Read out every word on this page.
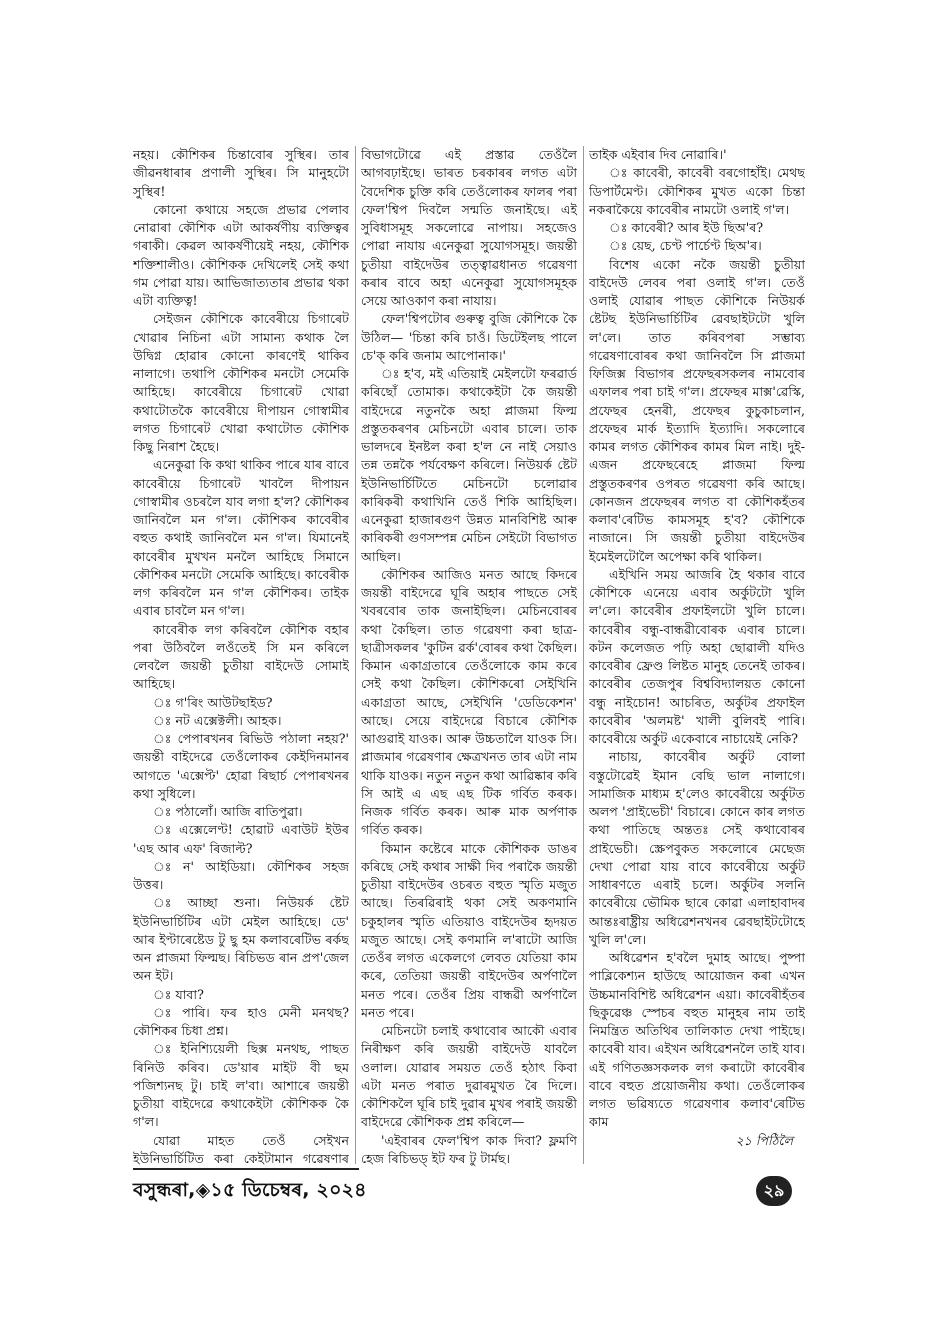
নহয়। কৌশিকৰ চিন্তাবোৰ সুস্থিৰ। তাৰ জীৱনধাৰাৰ প্ৰণালী সুস্থিৰ। সি মানুহটো সুস্থিৰ!

কোনো কথায়ে সহজে প্ৰভাৱ পেলাব নোৱাৰা কৌশিক এটা আকৰ্ষণীয় ব্যক্তিত্বৰ গৰাকী। কেৱল আকৰ্ষণীয়েই নহয়, কৌশিক শক্তিশালীও। কৌশিকক দেখিলেই সেই কথা গম পোৱা যায়। আভিজাত্যতাৰ প্ৰভাৱ থকা এটা ব্যক্তিত্ব!

সেইজন কৌশিকে কাবেৰীয়ে চিগাৰেট খোৱাৰ নিচিনা এটা সামান্য কথাক লৈ উদ্বিগ্ন হোৱাৰ কোনো কাৰণেই থাকিব নালাগে। তথাপি কৌশিকৰ মনটো সেমেকি আহিছে। কাবেৰীয়ে চিগাৰেট খোৱা কথাটোতকৈ কাবেৰীয়ে দীপায়ন গোস্বামীৰ লগত চিগাৰেট খোৱা কথাটোত কৌশিক কিছু নিৰাশ হৈছে।

এনেকুৱা কি কথা থাকিব পাৰে যাৰ বাবে কাবেৰীয়ে চিগাৰেট খাবলৈ দীপায়ন গোস্বামীৰ ওচৰলৈ যাব লগা হ'ল? কৌশিকৰ জানিবলৈ মন গ'ল। কৌশিকৰ কাবেৰীৰ বহুত কথাই জানিবলৈ মন গ'ল। যিমানেই কাবেৰীৰ মুখখন মনলৈ আহিছে সিমানে কৌশিকৰ মনটো সেমেকি আহিছে। কাবেৰীক লগ কৰিবলৈ মন গ'ল কৌশিকৰ। তাইক এবাৰ চাবলৈ মন গ'ল।

কাবেৰীক লগ কৰিবলৈ কৌশিক বহাৰ পৰা উঠিবলৈ লওঁতেই সি মন কৰিলে লেবলৈ জয়ন্তী চুতীয়া বাইদেউ সোমাই আহিছে।

ঃ গ'ৰিং আউটছাইড?

ঃ নট এক্সেক্টলী। আহক।

ঃ পেপাৰখনৰ ৰিভিউ পঠালা নহয়?' জয়ন্তী বাইদেৱে তেওঁলোকৰ কেইদিনমানৰ আগতে 'এক্সেপ্ট' হোৱা ৰিছাৰ্চ পেপাৰখনৰ কথা সুধিলে।

ঃ পঠালোঁ। আজি ৰাতিপুৱা।

ঃ এক্সেলেণ্ট! হোৱাট এবাউট ইউৰ 'এছ আৰ এফ' ৰিজাল্ট?

ঃ ন' আইডিয়া। কৌশিকৰ সহজ উত্তৰ।

ঃ আচ্ছা শুনা। নিউয়ৰ্ক ষ্টেট ইউনিভাৰ্চিটিৰ এটা মেইল আহিছে। ডে' আৰ ইণ্টাৰেষ্টেড টু ছু হম কলাবৰেটিভ ৰৰ্কছ অন প্লাজমা ফিল্মছ। ৰিচিভড ৰান প্ৰপ'জেল অন ইট।

ঃ যাবা?

ঃ পাৰি। ফৰ হাও মেনী মনথছ? কৌশিকৰ চিধা প্ৰশ্ন।

ঃ ইনিশ্যিয়েলী ছিক্স মনথছ, পাছত ৰিনিউ কৰিব। ডে'য়াৰ মাইট বী ছম পজিশ্যনছ টু। চাই ল'বা। আশাৰে জয়ন্তী চুতীয়া বাইদেৱে কথাকেইটা কৌশিকক কৈ গ'ল।

যোৱা মাহত তেওঁ সেইখন ইউনিভাৰ্চিটিত কৰা কেইটামান গৱেষণাৰ

বিভাগটোৱে এই প্ৰস্তাৱ তেওঁলৈ আগবঢ়াইছে। ভাৰত চৰকাৰৰ লগত এটা বৈদেশিক চুক্তি কৰি তেওঁলোকৰ ফালৰ পৰা ফেল'শ্বিপ দিবলৈ সন্মতি জনাইছে। এই সুবিধাসমূহ সকলোৱে নাপায়। সহজেও পোৱা নাযায় এনেকুৱা সুযোগসমূহ। জয়ন্তী চুতীয়া বাইদেউৰ তত্ত্বাৱধানত গৱেষণা কৰাৰ বাবে অহা এনেকুৱা সুযোগসমূহক সেয়ে আওকাণ কৰা নাযায়।

ফেল'শ্বিপটোৰ গুৰুত্ব বুজি কৌশিকে কৈ উঠিল— 'চিন্তা কৰি চাওঁ। ডিটেইলছ পালে চে'ক্ কৰি জনাম আপোনাক।'

ঃ হ'ব, মই এতিয়াই মেইলটো ফৰৱাৰ্ড কৰিছোঁ তোমাক। কথাকেইটা কৈ জয়ন্তী বাইদেৱে নতুনকৈ অহা প্লাজমা ফিল্ম প্ৰস্তুতকৰণৰ মেচিনটো এবাৰ চালে। তাক ভালদৰে ইনষ্টল কৰা হ'ল নে নাই সেয়াও তন্ন তন্নকৈ পৰ্যবেক্ষণ কৰিলে। নিউয়ৰ্ক ষ্টেট ইউনিভাৰ্চিটিতে মেচিনটো চলোৱাৰ কাৰিকৰী কথাখিনি তেওঁ শিকি আহিছিল। এনেকুৱা হাজাৰগুণ উন্নত মানবিশিষ্ট আৰু কাৰিকৰী গুণসম্পন্ন মেচিন সেইটো বিভাগত আছিল।

কৌশিকৰ আজিও মনত আছে কিদৰে জয়ন্তী বাইদেৱে ঘূৰি অহাৰ পাছতে সেই খবৰবোৰ তাক জনাইছিল। মেচিনবোৰৰ কথা কৈছিল। তাত গৱেষণা কৰা ছাত্ৰ-ছাত্ৰীসকলৰ 'কুটিন ৱৰ্ক'বোৰৰ কথা কৈছিল। কিমান একাগ্ৰতাৰে তেওঁলোকে কাম কৰে সেই কথা কৈছিল। কৌশিকৰো সেইখিনি একাগ্ৰতা আছে, সেইখিনি 'ডেডিকেশন' আছে। সেয়ে বাইদেৱে বিচাৰে কৌশিক আগুৱাই যাওক। আৰু উচ্চতালৈ যাওক সি। প্লাজমাৰ গৱেষণাৰ ক্ষেত্ৰখনত তাৰ এটা নাম থাকি যাওক। নতুন নতুন কথা আৱিষ্কাৰ কৰি সি আই এ এছ এছ টিক গৰ্বিত কৰক। নিজক গৰ্বিত কৰক। আৰু মাক অৰ্পণাক গৰ্বিত কৰক।

কিমান কষ্টেৰে মাকে কৌশিকক ডাঙৰ কৰিছে সেই কথাৰ সাক্ষী দিব পৰাকৈ জয়ন্তী চুতীয়া বাইদেউৰ ওচৰত বহুত স্মৃতি মজুত আছে। তিৰৱিৰাই থকা সেই অকণমানি চকুহালৰ স্মৃতি এতিয়াও বাইদেউৰ হৃদয়ত মজুত আছে। সেই কণমানি ল'ৰাটো আজি তেওঁৰ লগত একেলগে লেবত যেতিয়া কাম কৰে, তেতিয়া জয়ন্তী বাইদেউৰ অৰ্পণালৈ মনত পৰে। তেওঁৰ প্ৰিয় বান্ধৱী অৰ্পণালৈ মনত পৰে।

মেচিনটো চলাই কথাবোৰ আকৌ এবাৰ নিৰীক্ষণ কৰি জয়ন্তী বাইদেউ যাবলৈ ওলাল। যোৱাৰ সময়ত তেওঁ হঠাৎ কিবা এটা মনত পৰাত দুৱাৰমুখত ৰৈ দিলে। কৌশিকলৈ ঘূৰি চাই দুৱাৰ মুখৰ পৰাই জয়ন্তী বাইদেৱে কৌশিকক প্ৰশ্ন কৰিলে—

'এইবাৰৰ ফেল'শ্বিপ কাক দিবা? ফ্লমণি হেজ ৰিচিভড্ ইট ফৰ টু টাৰ্মছ।

তাইক এইবাৰ দিব নোৱাৰি।'

ঃ কাবেৰী, কাবেৰী বৰগোহাঁই। মেথছ ডিপাৰ্টমেণ্ট। কৌশিকৰ মুখত একো চিন্তা নকৰাকৈয়ে কাবেৰীৰ নামটো ওলাই গ'ল।

ঃ কাবেৰী? আৰ ইউ ছিঅ'ৰ?

ঃ য়েছ, চেণ্ট পাৰ্চেণ্ট ছিঅ'ৰ।

বিশেষ একো নকৈ জয়ন্তী চুতীয়া বাইদেউ লেবৰ পৰা ওলাই গ'ল। তেওঁ ওলাই যোৱাৰ পাছত কৌশিকে নিউয়ৰ্ক ষ্টেটছ ইউনিভাৰ্চিটিৰ ৱেবছাইটটো খুলি ল'লে। তাত কৰিবপৰা সম্ভাব্য গৱেষণাবোৰৰ কথা জানিবলৈ সি প্লাজমা ফিজিক্স বিভাগৰ প্ৰফেছৰসকলৰ নামবোৰ এফালৰ পৰা চাই গ'ল। প্ৰফেছৰ মাক্স'ৱেস্কি, প্ৰফেছৰ হেনৰী, প্ৰফেছৰ কুচুকাচলান, প্ৰফেছৰ মাৰ্ক ইত্যাদি ইত্যাদি। সকলোৰে কামৰ লগত কৌশিকৰ কামৰ মিল নাই। দুই- এজন প্ৰফেছৰেহে প্লাজমা ফিল্ম প্ৰস্তুতকৰণৰ ওপৰত গৱেষণা কৰি আছে। কোনজন প্ৰফেছৰৰ লগত বা কৌশিকহঁতৰ কলাব'ৰেটিভ কামসমূহ হ'ব? কৌশিকে নাজানে। সি জয়ন্তী চুতীয়া বাইদেউৰ ইমেইলটোলৈ অপেক্ষা কৰি থাকিল।

এইখিনি সময় আজৰি হৈ থকাৰ বাবে কৌশিকে এনেয়ে এবাৰ অৰ্কুটটো খুলি ল'লে। কাবেৰীৰ প্ৰফাইলটো খুলি চালে। কাবেৰীৰ বন্ধু-বান্ধৱীবোৰক এবাৰ চালে। কটন কলেজত পঢ়ি অহা ছোৱালী যদিও কাবেৰীৰ ফ্ৰেণ্ড লিষ্টত মানুহ তেনেই তাকৰ। কাবেৰীৰ তেজপুৰ বিশ্ববিদ্যালয়ত কোনো বন্ধু নাইচোন! আচৰিত, অৰ্কুটৰ প্ৰফাইল কাবেৰীৰ 'অলমষ্ট' খালী বুলিবই পাৰি। কাবেৰীয়ে অৰ্কুট একেবাৰে নাচায়েই নেকি?

নাচায়, কাবেৰীৰ অৰ্কুট বোলা বস্তুটোৱেই ইমান বেছি ভাল নালাগে। সামাজিক মাধ্যম হ'লেও কাবেৰীয়ে অৰ্কুটত অলপ 'প্ৰাইভেচী' বিচাৰে। কোনে কাৰ লগত কথা পাতিছে অন্ততঃ সেই কথাবোৰৰ প্ৰাইভেচী। স্ক্ৰেপবুকত সকলোৰে মেছেজ দেখা পোৱা যায় বাবে কাবেৰীয়ে অৰ্কুট সাধাৰণতে এৰাই চলে। অৰ্কুটৰ সলনি কাবেৰীয়ে ভৌমিক ছাৰে কোৱা এলাহাবাদৰ আন্তঃৰাষ্ট্ৰীয় অধিৱেশনখনৰ ৱেবছাইটটোহে খুলি ল'লে।

অধিৱেশন হ'বলৈ দুমাহ আছে। পুষ্পা পাব্লিকেশ্যন হাউছে আয়োজন কৰা এখন উচ্চমানবিশিষ্ট অধিৱেশন এয়া। কাবেৰীহঁতৰ ছিকুৱেঞ্চ স্পেচৰ বহুত মানুহৰ নাম তাই নিমন্ত্ৰিত অতিথিৰ তালিকাত দেখা পাইছে। কাবেৰী যাব। এইখন অধিৱেশনলৈ তাই যাব। এই গণিতজ্ঞসকলক লগ কৰাটো কাবেৰীৰ বাবে বহুত প্ৰয়োজনীয় কথা। তেওঁলোকৰ লগত ভৱিষ্যতে গৱেষণাৰ কলাব'ৰেটিভ কাম

২১ পিঠিলৈ

বসুন্ধৰা,◈১৫ ডিচেম্বৰ, ২০২৪	২৯
